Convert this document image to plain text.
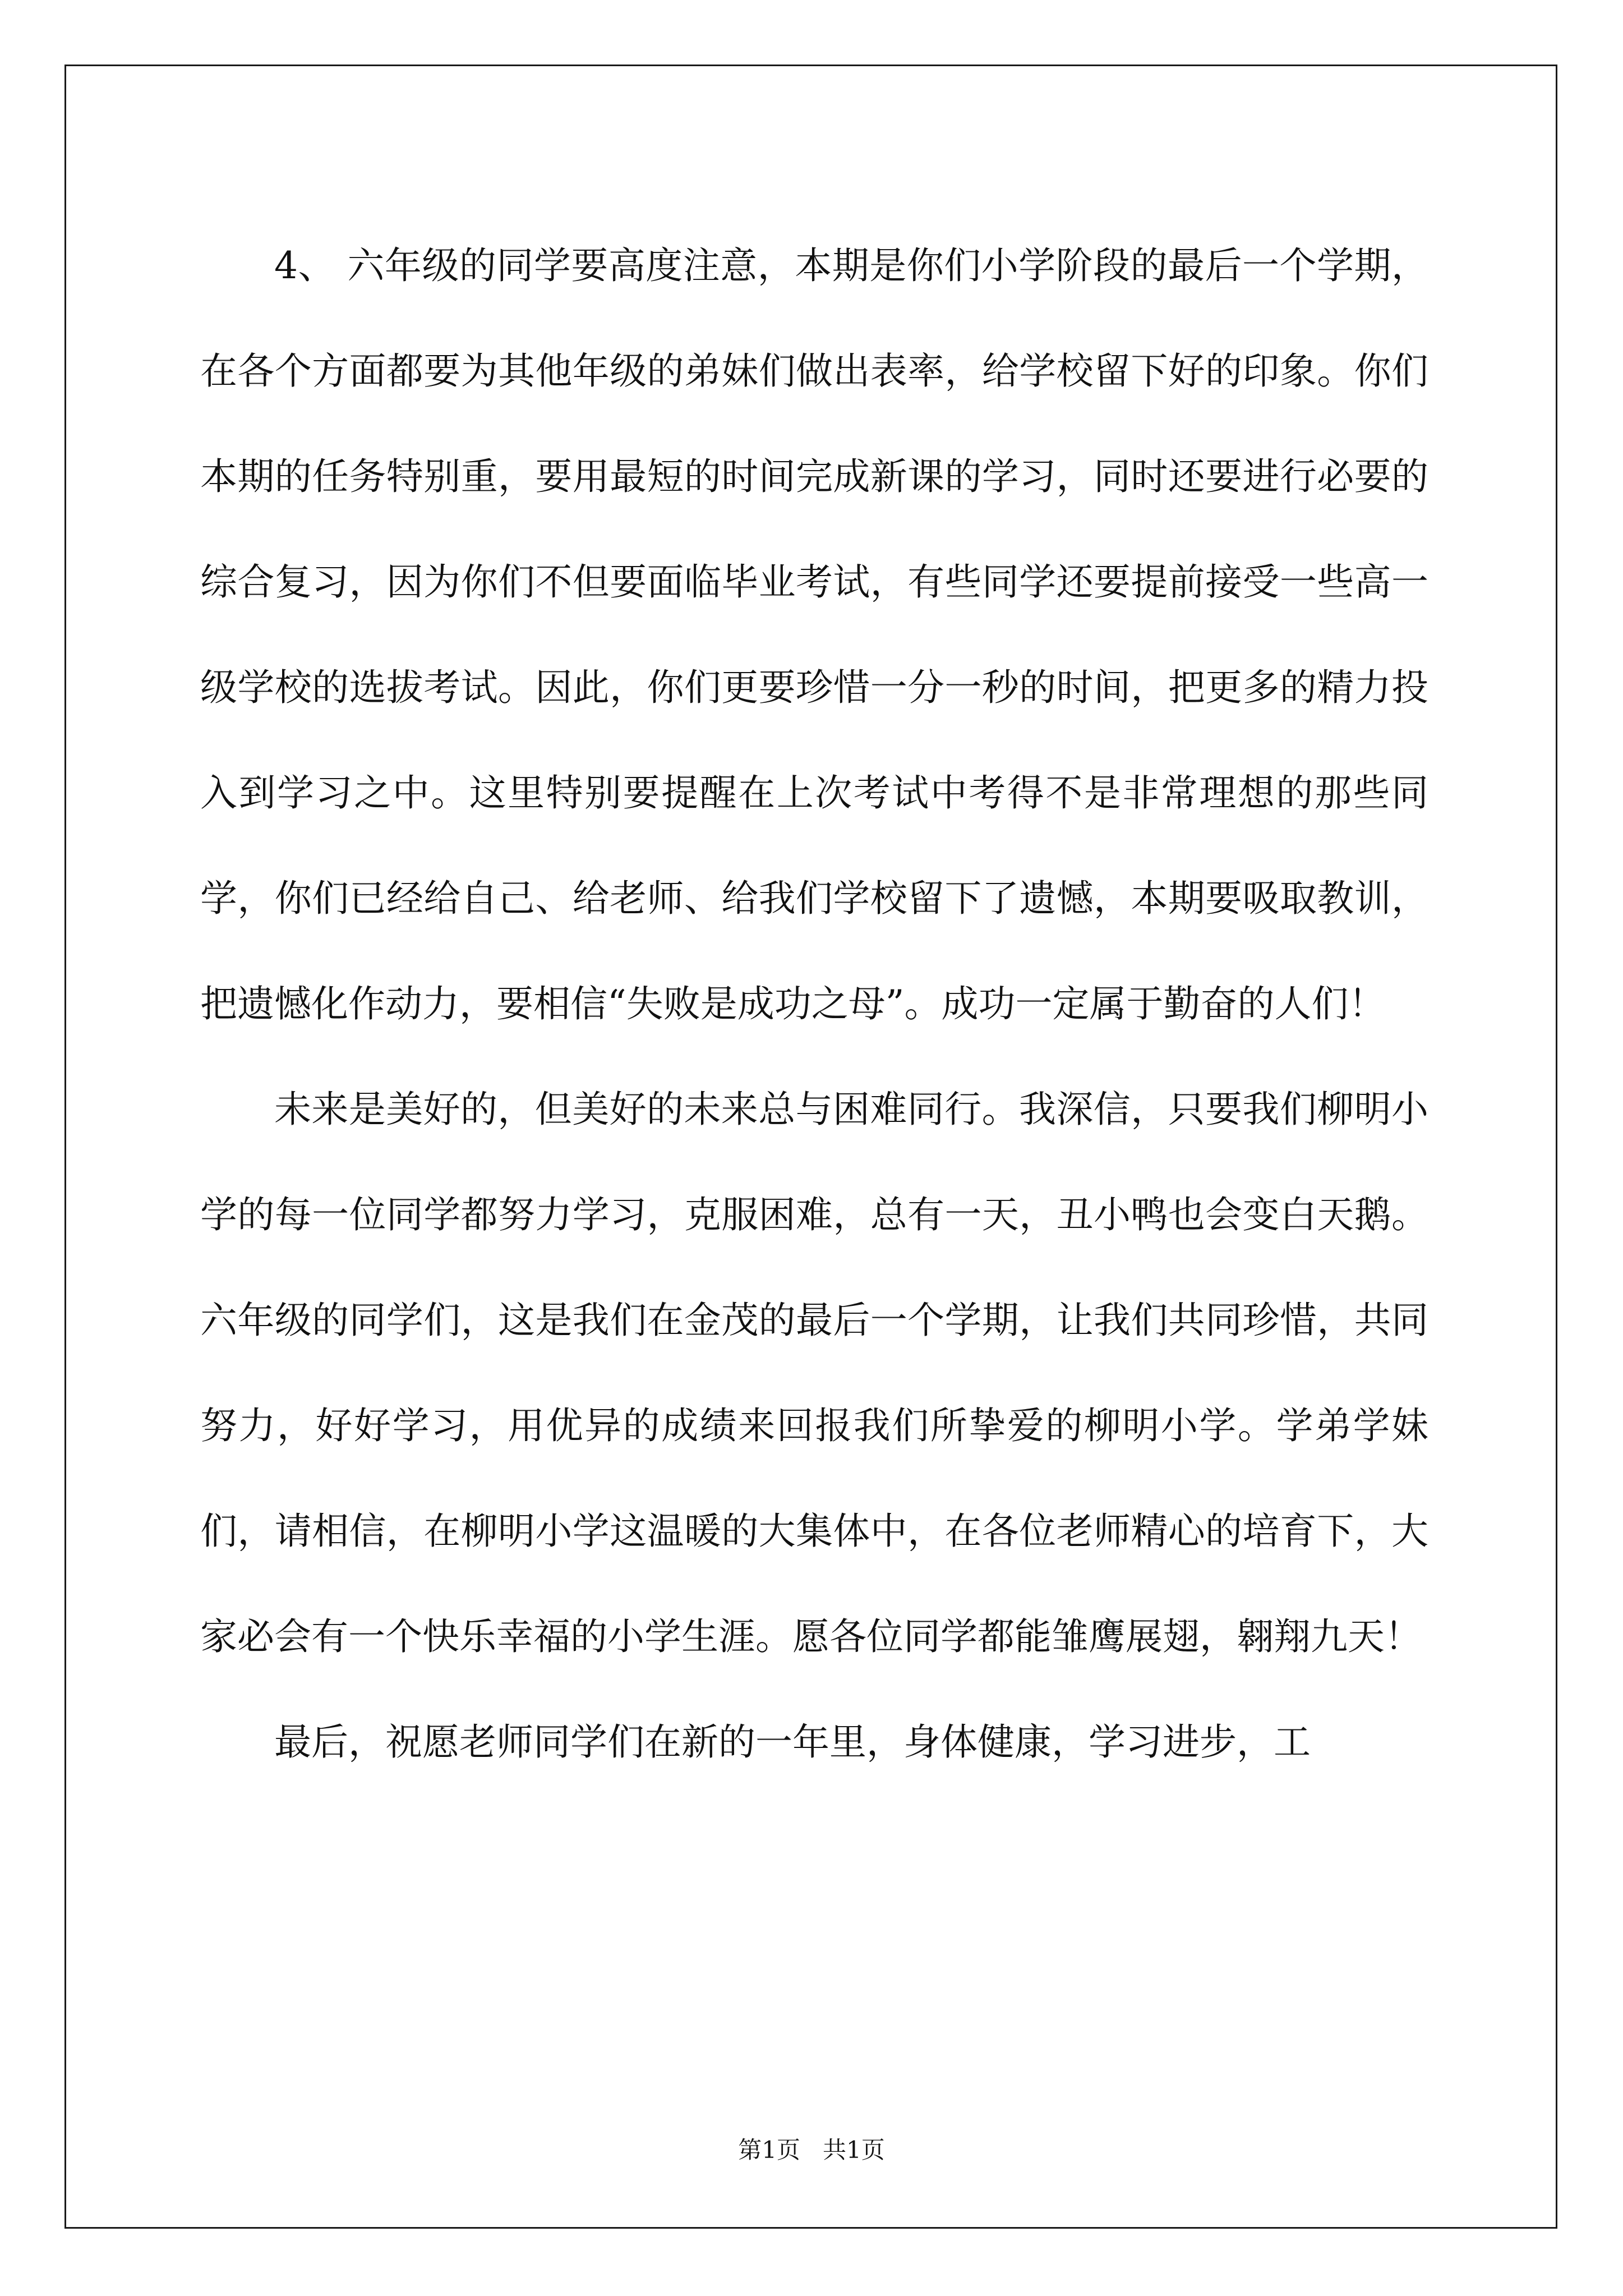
4、 六年级的同学要高度注意，本期是你们小学阶段的最后一个学期，在各个方面都要为其他年级的弟妹们做出表率，给学校留下好的印象。你们本期的任务特别重，要用最短的时间完成新课的学习，同时还要进行必要的综合复习，因为你们不但要面临毕业考试，有些同学还要提前接受一些高一级学校的选拔考试。因此，你们更要珍惜一分一秒的时间，把更多的精力投入到学习之中。这里特别要提醒在上次考试中考得不是非常理想的那些同学，你们已经给自己、给老师、给我们学校留下了遗憾，本期要吸取教训，把遗憾化作动力，要相信“失败是成功之母”。成功一定属于勤奋的人们！

未来是美好的，但美好的未来总与困难同行。我深信，只要我们柳明小学的每一位同学都努力学习，克服困难，总有一天，丑小鸭也会变白天鹅。六年级的同学们，这是我们在金茂的最后一个学期，让我们共同珍惜，共同努力，好好学习，用优异的成绩来回报我们所挚爱的柳明小学。学弟学妹们，请相信，在柳明小学这温暖的大集体中，在各位老师精心的培育下，大家必会有一个快乐幸福的小学生涯。愿各位同学都能雏鹰展翅，翱翔九天！

最后，祝愿老师同学们在新的一年里，身体健康，学习进步，工

第1页   共1页
